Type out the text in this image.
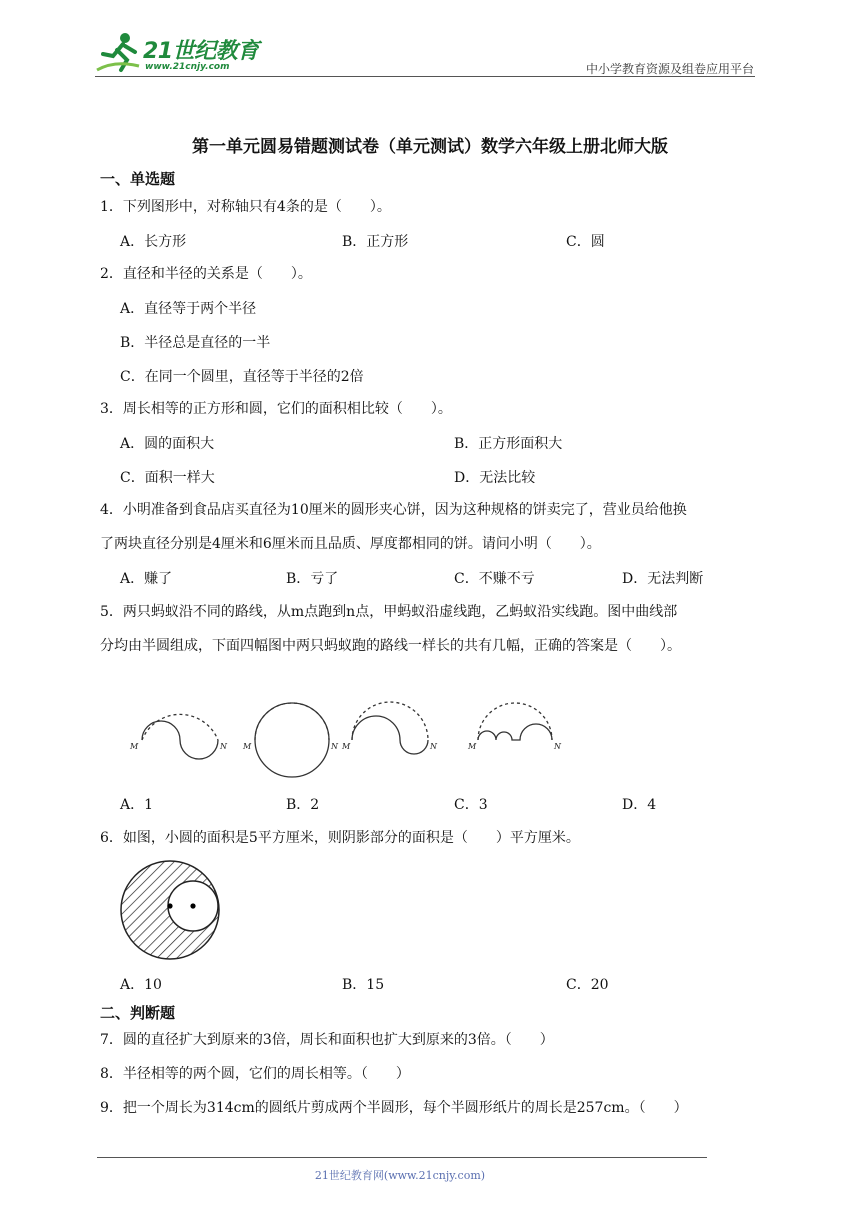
21世纪教育
www.21cnjy.com	中小学教育资源及组卷应用平台
第一单元圆易错题测试卷（单元测试）数学六年级上册北师大版
一、单选题
1．下列图形中，对称轴只有4条的是（　　）。
A．长方形	B．正方形	C．圆
2．直径和半径的关系是（　　）。
A．直径等于两个半径
B．半径总是直径的一半
C．在同一个圆里，直径等于半径的2倍
3．周长相等的正方形和圆，它们的面积相比较（　　）。
A．圆的面积大	B．正方形面积大
C．面积一样大	D．无法比较
4．小明准备到食品店买直径为10厘米的圆形夹心饼，因为这种规格的饼卖完了，营业员给他换
了两块直径分别是4厘米和6厘米而且品质、厚度都相同的饼。请问小明（　　）。
A．赚了	B．亏了	C．不赚不亏	D．无法判断
5．两只蚂蚁沿不同的路线，从m点跑到n点，甲蚂蚁沿虚线跑，乙蚂蚁沿实线跑。图中曲线部
分均由半圆组成，下面四幅图中两只蚂蚁跑的路线一样长的共有几幅，正确的答案是（　　）。
M	N M	N M	N	M	N
A．1	B．2	C．3	D．4
6．如图，小圆的面积是5平方厘米，则阴影部分的面积是（　　）平方厘米。
A．10	B．15	C．20
二、判断题
7．圆的直径扩大到原来的3倍，周长和面积也扩大到原来的3倍。（　　）
8．半径相等的两个圆，它们的周长相等。（　　）
9．把一个周长为314cm的圆纸片剪成两个半圆形，每个半圆形纸片的周长是257cm。（　　）
21世纪教育网(www.21cnjy.com)
